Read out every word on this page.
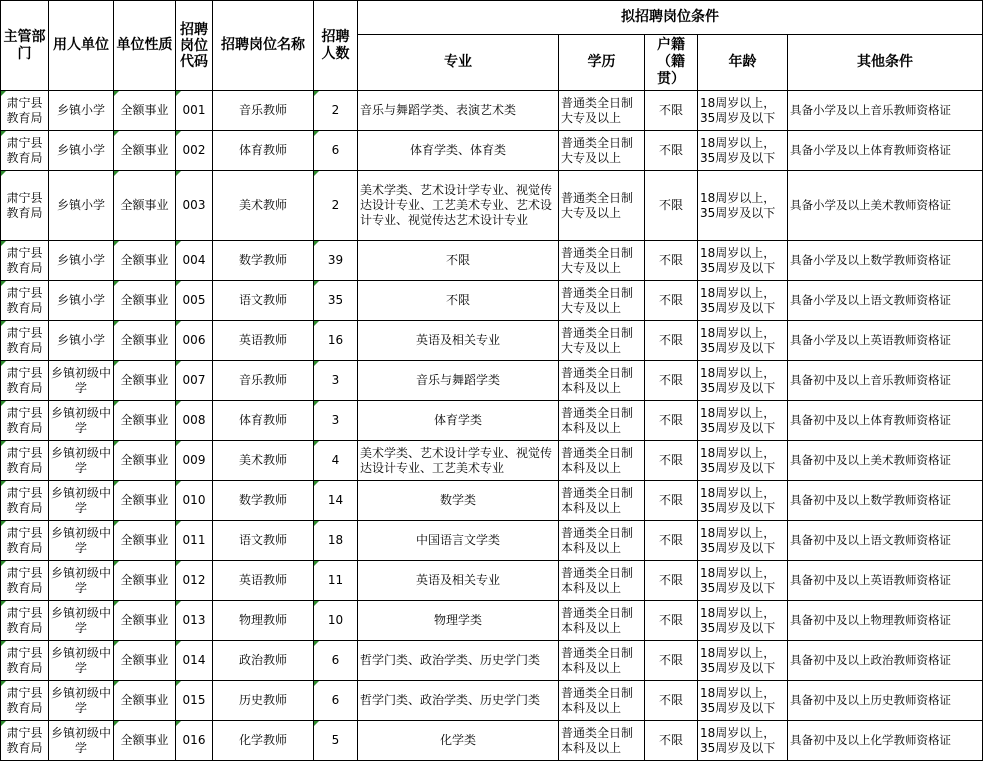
主管部门	用人单位	单位性质	招聘岗位代码	招聘岗位名称	招聘人数	拟招聘岗位条件				
						专业	学历	户籍（籍贯）	年龄	其他条件
肃宁县教育局	乡镇小学	全额事业	001	音乐教师	2	音乐与舞蹈学类、表演艺术类	普通类全日制大专及以上	不限	18周岁以上，35周岁及以下	具备小学及以上音乐教师资格证
肃宁县教育局	乡镇小学	全额事业	002	体育教师	6	体育学类、体育类	普通类全日制大专及以上	不限	18周岁以上，35周岁及以下	具备小学及以上体育教师资格证
肃宁县教育局	乡镇小学	全额事业	003	美术教师	2	美术学类、艺术设计学专业、视觉传达设计专业、工艺美术专业、艺术设计专业、视觉传达艺术设计专业	普通类全日制大专及以上	不限	18周岁以上，35周岁及以下	具备小学及以上美术教师资格证
肃宁县教育局	乡镇小学	全额事业	004	数学教师	39	不限	普通类全日制大专及以上	不限	18周岁以上，35周岁及以下	具备小学及以上数学教师资格证
肃宁县教育局	乡镇小学	全额事业	005	语文教师	35	不限	普通类全日制大专及以上	不限	18周岁以上，35周岁及以下	具备小学及以上语文教师资格证
肃宁县教育局	乡镇小学	全额事业	006	英语教师	16	英语及相关专业	普通类全日制大专及以上	不限	18周岁以上，35周岁及以下	具备小学及以上英语教师资格证
肃宁县教育局	乡镇初级中学	全额事业	007	音乐教师	3	音乐与舞蹈学类	普通类全日制本科及以上	不限	18周岁以上，35周岁及以下	具备初中及以上音乐教师资格证
肃宁县教育局	乡镇初级中学	全额事业	008	体育教师	3	体育学类	普通类全日制本科及以上	不限	18周岁以上，35周岁及以下	具备初中及以上体育教师资格证
肃宁县教育局	乡镇初级中学	全额事业	009	美术教师	4	美术学类、艺术设计学专业、视觉传达设计专业、工艺美术专业	普通类全日制本科及以上	不限	18周岁以上，35周岁及以下	具备初中及以上美术教师资格证
肃宁县教育局	乡镇初级中学	全额事业	010	数学教师	14	数学类	普通类全日制本科及以上	不限	18周岁以上，35周岁及以下	具备初中及以上数学教师资格证
肃宁县教育局	乡镇初级中学	全额事业	011	语文教师	18	中国语言文学类	普通类全日制本科及以上	不限	18周岁以上，35周岁及以下	具备初中及以上语文教师资格证
肃宁县教育局	乡镇初级中学	全额事业	012	英语教师	11	英语及相关专业	普通类全日制本科及以上	不限	18周岁以上，35周岁及以下	具备初中及以上英语教师资格证
肃宁县教育局	乡镇初级中学	全额事业	013	物理教师	10	物理学类	普通类全日制本科及以上	不限	18周岁以上，35周岁及以下	具备初中及以上物理教师资格证
肃宁县教育局	乡镇初级中学	全额事业	014	政治教师	6	哲学门类、政治学类、历史学门类	普通类全日制本科及以上	不限	18周岁以上，35周岁及以下	具备初中及以上政治教师资格证
肃宁县教育局	乡镇初级中学	全额事业	015	历史教师	6	哲学门类、政治学类、历史学门类	普通类全日制本科及以上	不限	18周岁以上，35周岁及以下	具备初中及以上历史教师资格证
肃宁县教育局	乡镇初级中学	全额事业	016	化学教师	5	化学类	普通类全日制本科及以上	不限	18周岁以上，35周岁及以下	具备初中及以上化学教师资格证
